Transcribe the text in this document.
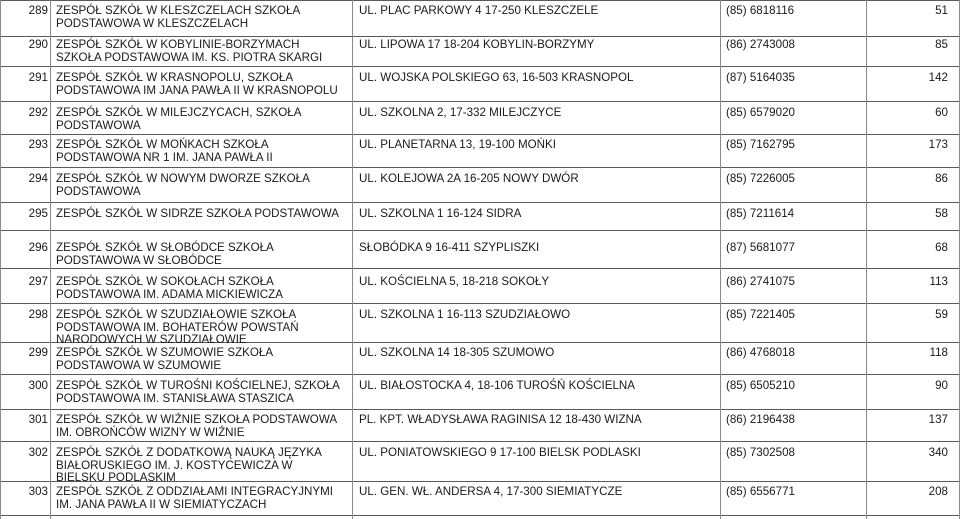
289 ZESPÓŁ SZKÓŁ W KLESZCZELACH SZKOŁA
PODSTAWOWA W KLESZCZELACH
UL. PLAC PARKOWY 4 17-250 KLESZCZELE	(85) 6818116	51
290 ZESPÓŁ SZKÓŁ W KOBYLINIE-BORZYMACH
SZKOŁA PODSTAWOWA IM. KS. PIOTRA SKARGI
UL. LIPOWA 17 18-204 KOBYLIN-BORZYMY	(86) 2743008	85
291 ZESPÓŁ SZKÓŁ W KRASNOPOLU, SZKOŁA
PODSTAWOWA IM JANA PAWŁA II W KRASNOPOLU
UL. WOJSKA POLSKIEGO 63, 16-503 KRASNOPOL	(87) 5164035	142
292 ZESPÓŁ SZKÓŁ W MILEJCZYCACH, SZKOŁA
PODSTAWOWA
UL. SZKOLNA 2, 17-332 MILEJCZYCE	(85) 6579020	60
293 ZESPÓŁ SZKÓŁ W MOŃKACH SZKOŁA
PODSTAWOWA NR 1 IM. JANA PAWŁA II
UL. PLANETARNA 13, 19-100 MOŃKI	(85) 7162795	173
294 ZESPÓŁ SZKÓŁ W NOWYM DWORZE SZKOŁA
PODSTAWOWA
UL. KOLEJOWA 2A 16-205 NOWY DWÓR	(85) 7226005	86
295 ZESPÓŁ SZKÓŁ W SIDRZE SZKOŁA PODSTAWOWA	UL. SZKOLNA 1 16-124 SIDRA	(85) 7211614	58
296 ZESPÓŁ SZKÓŁ W SŁOBÓDCE SZKOŁA
PODSTAWOWA W SŁOBÓDCE
SŁOBÓDKA 9 16-411 SZYPLISZKI	(87) 5681077	68
297 ZESPÓŁ SZKÓŁ W SOKOŁACH SZKOŁA
PODSTAWOWA IM. ADAMA MICKIEWICZA
UL. KOŚCIELNA 5, 18-218 SOKOŁY	(86) 2741075	113
298 ZESPÓŁ SZKÓŁ W SZUDZIAŁOWIE SZKOŁA
PODSTAWOWA IM. BOHATERÓW POWSTAŃ
NARODOWYCH W SZUDZIAŁOWIE
UL. SZKOLNA 1 16-113 SZUDZIAŁOWO	(85) 7221405	59
299 ZESPÓŁ SZKÓŁ W SZUMOWIE SZKOŁA
PODSTAWOWA W SZUMOWIE
UL. SZKOLNA 14 18-305 SZUMOWO	(86) 4768018	118
300 ZESPÓŁ SZKÓŁ W TUROŚNI KOŚCIELNEJ, SZKOŁA
PODSTAWOWA IM. STANISŁAWA STASZICA
UL. BIAŁOSTOCKA 4, 18-106 TUROŚŃ KOŚCIELNA	(85) 6505210	90
301 ZESPÓŁ SZKÓŁ W WIŹNIE SZKOŁA PODSTAWOWA
IM. OBROŃCÓW WIZNY W WIŹNIE
PL. KPT. WŁADYSŁAWA RAGINISA 12 18-430 WIZNA	(86) 2196438	137
302 ZESPÓŁ SZKÓŁ Z DODATKOWĄ NAUKĄ JĘZYKA
BIAŁORUSKIEGO IM. J. KOSTYCEWICZA W
BIELSKU PODLASKIM
UL. PONIATOWSKIEGO 9 17-100 BIELSK PODLASKI	(85) 7302508	340
303 ZESPÓŁ SZKÓŁ Z ODDZIAŁAMI INTEGRACYJNYMI
IM. JANA PAWŁA II W SIEMIATYCZACH
UL. GEN. WŁ. ANDERSA 4, 17-300 SIEMIATYCZE	(85) 6556771	208
